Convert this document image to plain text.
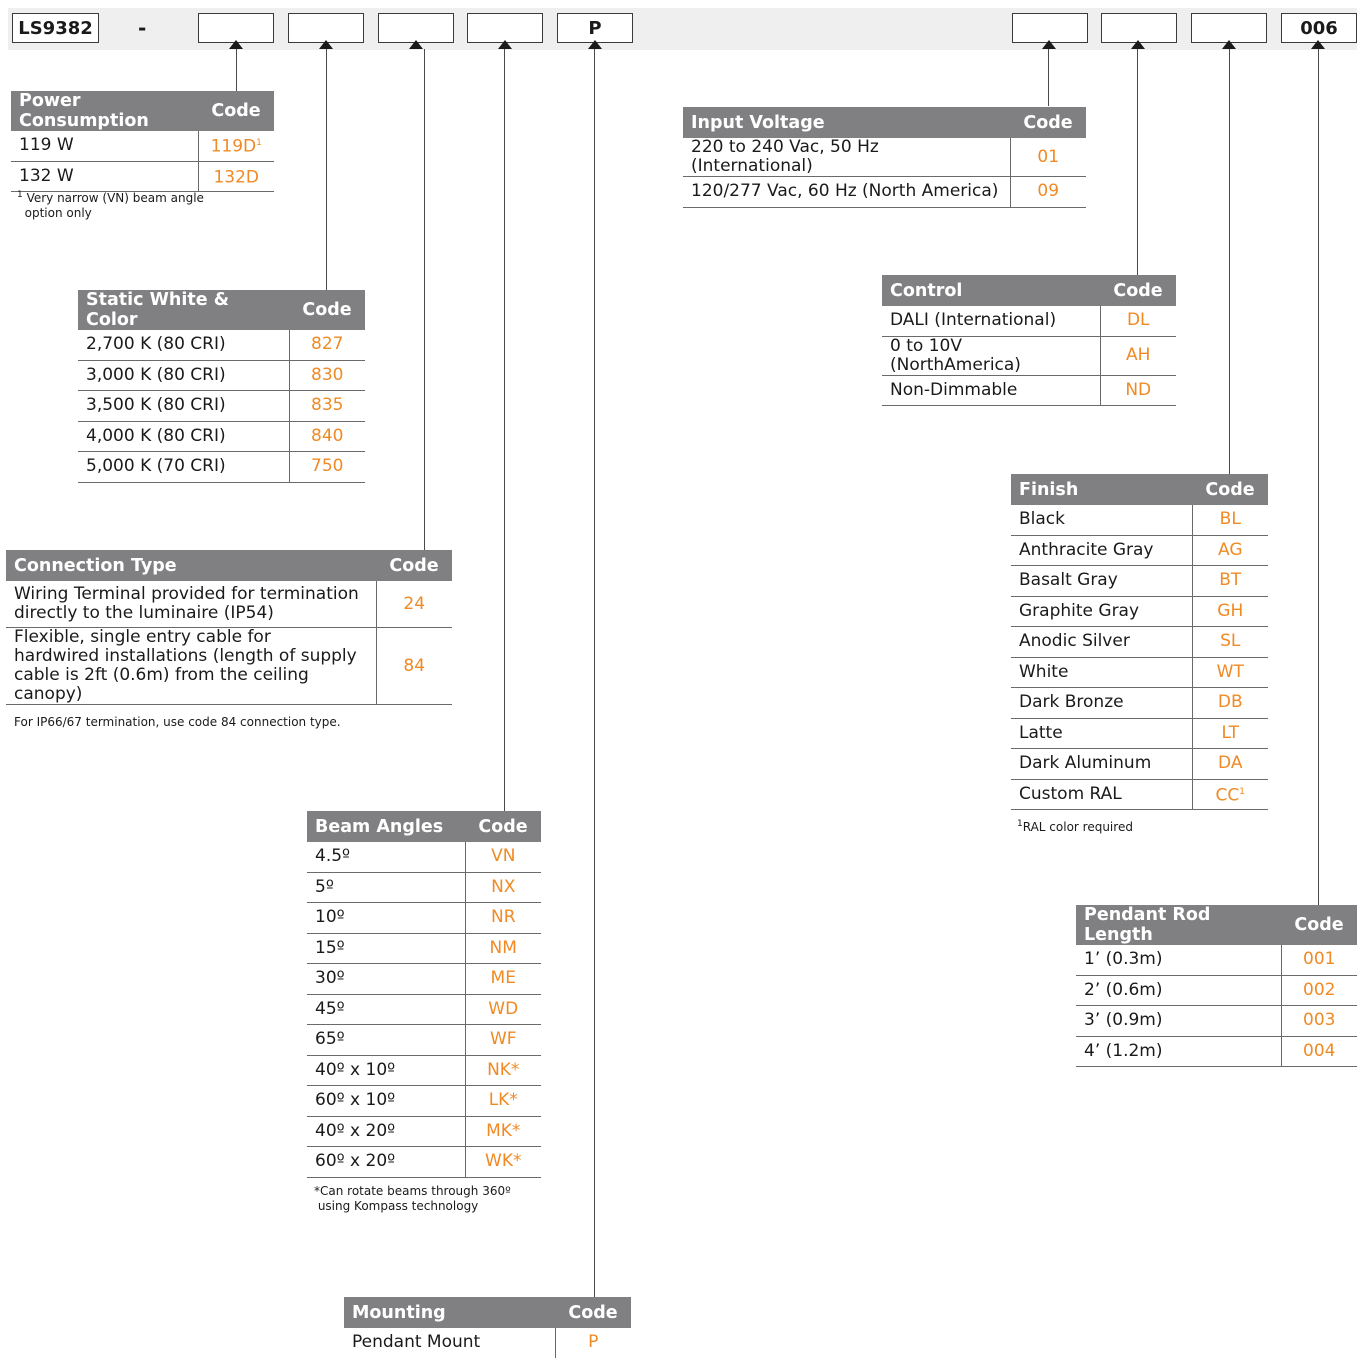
LS9382	-	P	006
Power Consumption	Code
119 W	$119D^1$
132 W	132D
$^1$ Very narrow (VN) beam angle
option only
Static White & Color	Code
2,700 K (80 CRI)	827
3,000 K (80 CRI)	830
3,500 K (80 CRI)	835
4,000 K (80 CRI)	840
5,000 K (70 CRI)	750
Connection Type	Code
Wiring Terminal provided for termination
directly to the luminaire (IP54)	24
Flexible, single entry cable for
hardwired installations (length of supply
cable is 2ft (0.6m) from the ceiling canopy)	84
For IP66/67 termination, use code 84 connection type.
Beam Angles	Code
4.5º	VN
5º	NX
10º	NR
15º	NM
30º	ME
45º	WD
65º	WF
40º x 10º	NK*
60º x 10º	LK*
40º x 20º	MK*
60º x 20º	WK*
*Can rotate beams through 360º
using Kompass technology
Mounting	Code
Pendant Mount	P
Input Voltage	Code
220 to 240 Vac, 50 Hz (International)	01
120/277 Vac, 60 Hz (North America)	09
Control	Code
DALI (International)	DL
0 to 10V (NorthAmerica)	AH
Non-Dimmable	ND
Finish	Code
Black	BL
Anthracite Gray	AG
Basalt Gray	BT
Graphite Gray	GH
Anodic Silver	SL
White	WT
Dark Bronze	DB
Latte	LT
Dark Aluminum	DA
Custom RAL	$CC^1$
$^1$RAL color required
Pendant Rod Length	Code
1’ (0.3m)	001
2’ (0.6m)	002
3’ (0.9m)	003
4’ (1.2m)	004
